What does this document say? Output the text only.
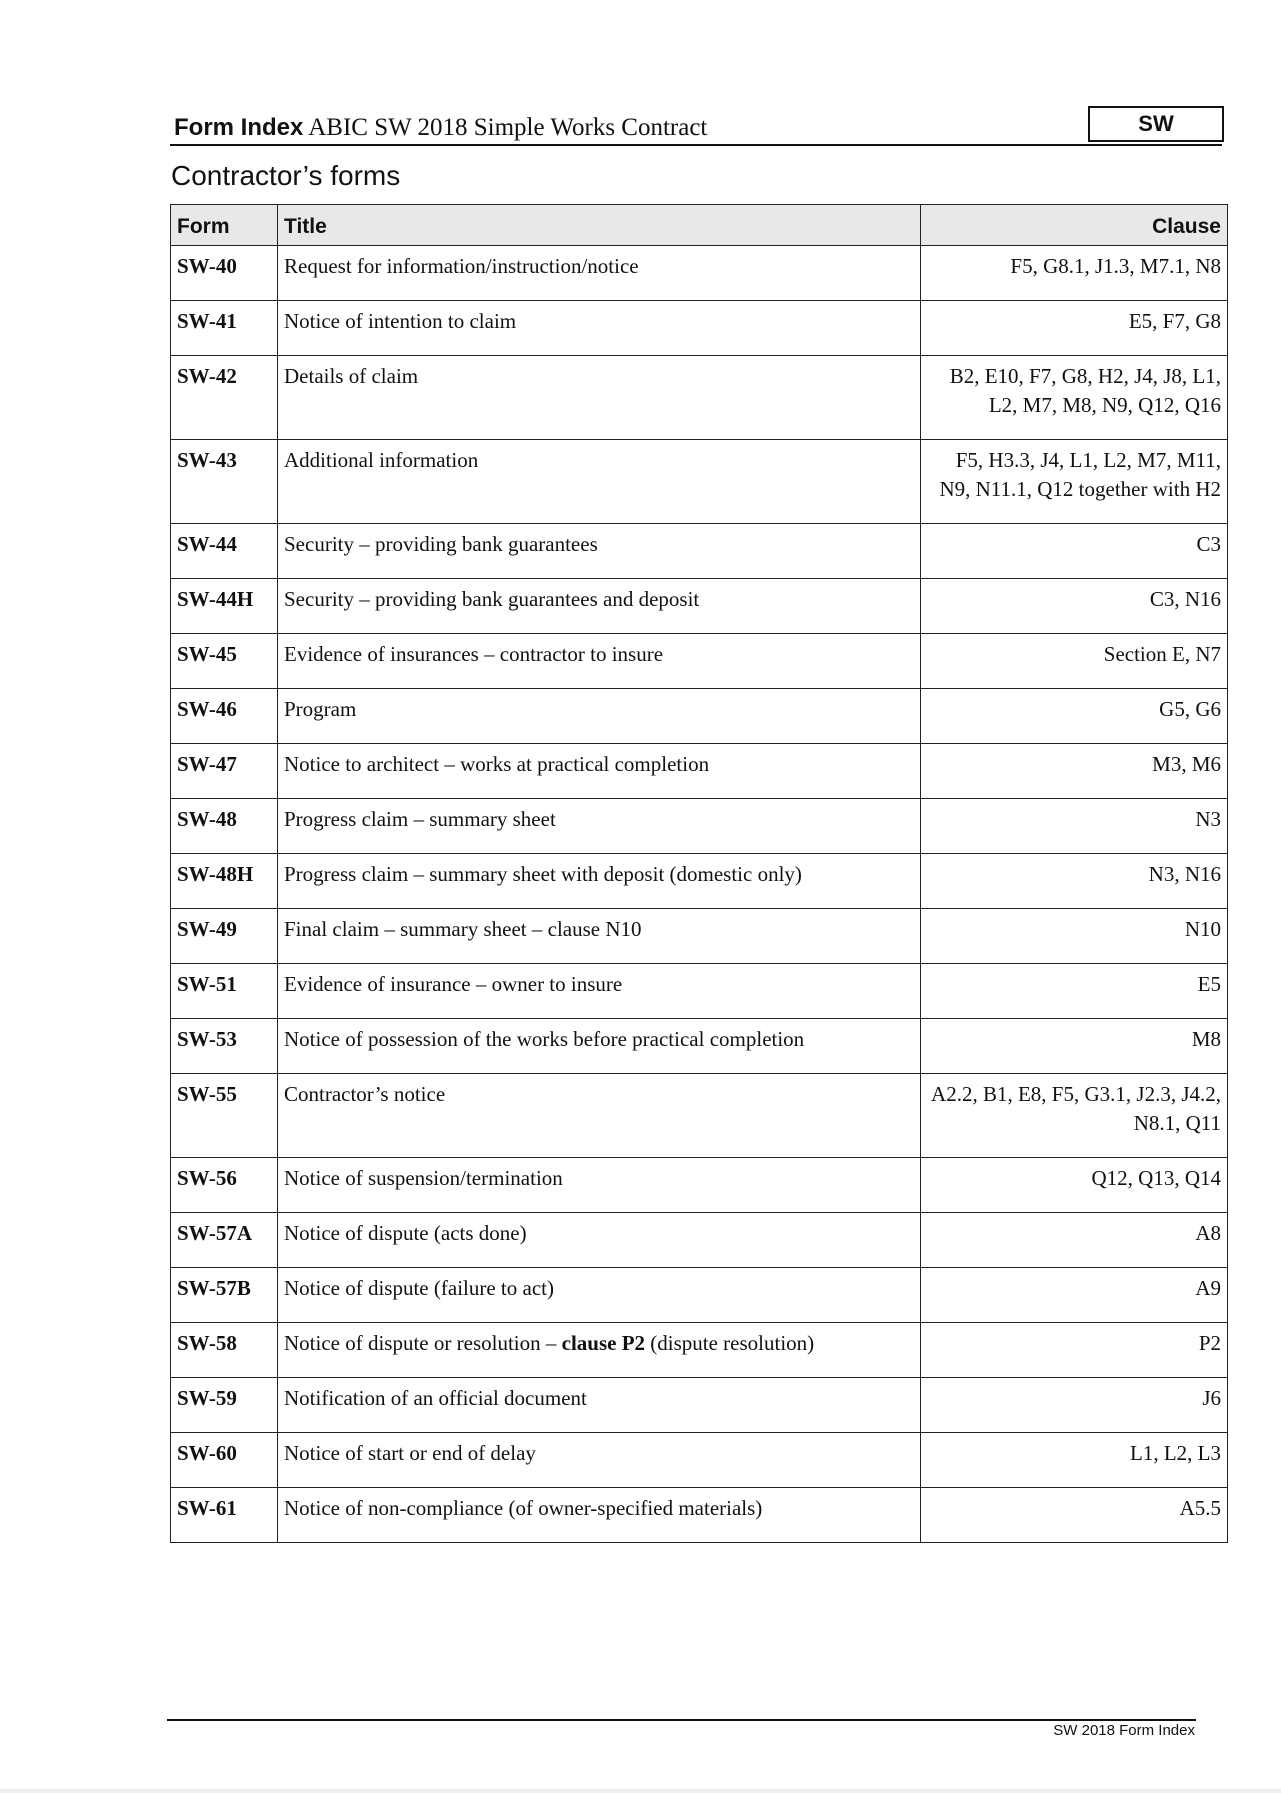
Form Index ABIC SW 2018 Simple Works Contract	SW
Contractor’s forms
Form	Title	Clause
SW-40	Request for information/instruction/notice	F5, G8.1, J1.3, M7.1, N8
SW-41	Notice of intention to claim	E5, F7, G8
SW-42	Details of claim	B2, E10, F7, G8, H2, J4, J8, L1, L2, M7, M8, N9, Q12, Q16
SW-43	Additional information	F5, H3.3, J4, L1, L2, M7, M11, N9, N11.1, Q12 together with H2
SW-44	Security – providing bank guarantees	C3
SW-44H	Security – providing bank guarantees and deposit	C3, N16
SW-45	Evidence of insurances – contractor to insure	Section E, N7
SW-46	Program	G5, G6
SW-47	Notice to architect – works at practical completion	M3, M6
SW-48	Progress claim – summary sheet	N3
SW-48H	Progress claim – summary sheet with deposit (domestic only)	N3, N16
SW-49	Final claim – summary sheet – clause N10	N10
SW-51	Evidence of insurance – owner to insure	E5
SW-53	Notice of possession of the works before practical completion	M8
SW-55	Contractor’s notice	A2.2, B1, E8, F5, G3.1, J2.3, J4.2, N8.1, Q11
SW-56	Notice of suspension/termination	Q12, Q13, Q14
SW-57A	Notice of dispute (acts done)	A8
SW-57B	Notice of dispute (failure to act)	A9
SW-58	Notice of dispute or resolution – clause P2 (dispute resolution)	P2
SW-59	Notification of an official document	J6
SW-60	Notice of start or end of delay	L1, L2, L3
SW-61	Notice of non-compliance (of owner-specified materials)	A5.5
SW 2018 Form Index
